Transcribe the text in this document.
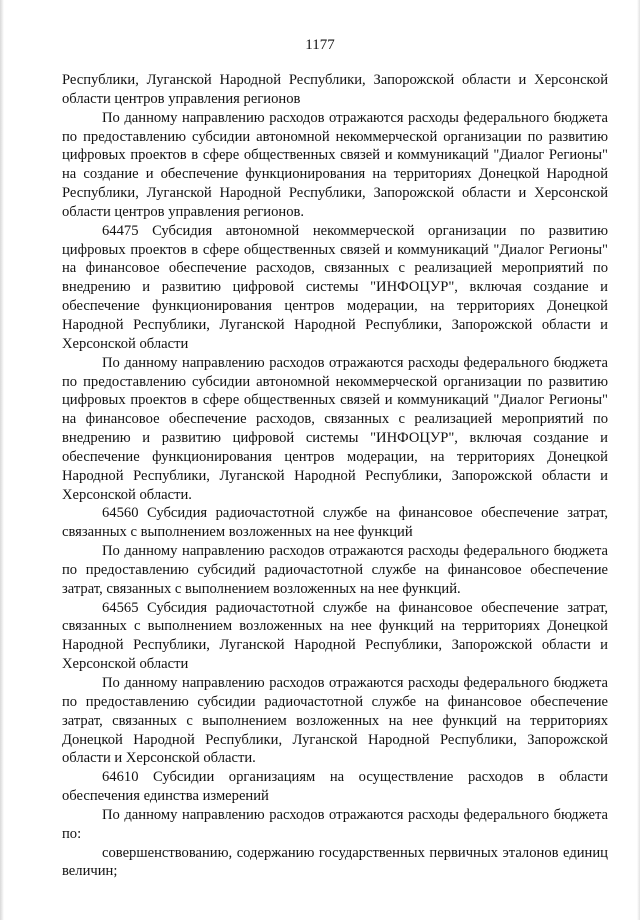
1177

Республики, Луганской Народной Республики, Запорожской области и Херсонской области центров управления регионов

По данному направлению расходов отражаются расходы федерального бюджета по предоставлению субсидии автономной некоммерческой организации по развитию цифровых проектов в сфере общественных связей и коммуникаций "Диалог Регионы" на создание и обеспечение функционирования на территориях Донецкой Народной Республики, Луганской Народной Республики, Запорожской области и Херсонской области центров управления регионов.

64475 Субсидия автономной некоммерческой организации по развитию цифровых проектов в сфере общественных связей и коммуникаций "Диалог Регионы" на финансовое обеспечение расходов, связанных с реализацией мероприятий по внедрению и развитию цифровой системы "ИНФОЦУР", включая создание и обеспечение функционирования центров модерации, на территориях Донецкой Народной Республики, Луганской Народной Республики, Запорожской области и Херсонской области

По данному направлению расходов отражаются расходы федерального бюджета по предоставлению субсидии автономной некоммерческой организации по развитию цифровых проектов в сфере общественных связей и коммуникаций "Диалог Регионы" на финансовое обеспечение расходов, связанных с реализацией мероприятий по внедрению и развитию цифровой системы "ИНФОЦУР", включая создание и обеспечение функционирования центров модерации, на территориях Донецкой Народной Республики, Луганской Народной Республики, Запорожской области и Херсонской области.

64560 Субсидия радиочастотной службе на финансовое обеспечение затрат, связанных с выполнением возложенных на нее функций

По данному направлению расходов отражаются расходы федерального бюджета по предоставлению субсидий радиочастотной службе на финансовое обеспечение затрат, связанных с выполнением возложенных на нее функций.

64565 Субсидия радиочастотной службе на финансовое обеспечение затрат, связанных с выполнением возложенных на нее функций на территориях Донецкой Народной Республики, Луганской Народной Республики, Запорожской области и Херсонской области

По данному направлению расходов отражаются расходы федерального бюджета по предоставлению субсидии радиочастотной службе на финансовое обеспечение затрат, связанных с выполнением возложенных на нее функций на территориях Донецкой Народной Республики, Луганской Народной Республики, Запорожской области и Херсонской области.

64610 Субсидии организациям на осуществление расходов в области обеспечения единства измерений

По данному направлению расходов отражаются расходы федерального бюджета по:

совершенствованию, содержанию государственных первичных эталонов единиц величин;
